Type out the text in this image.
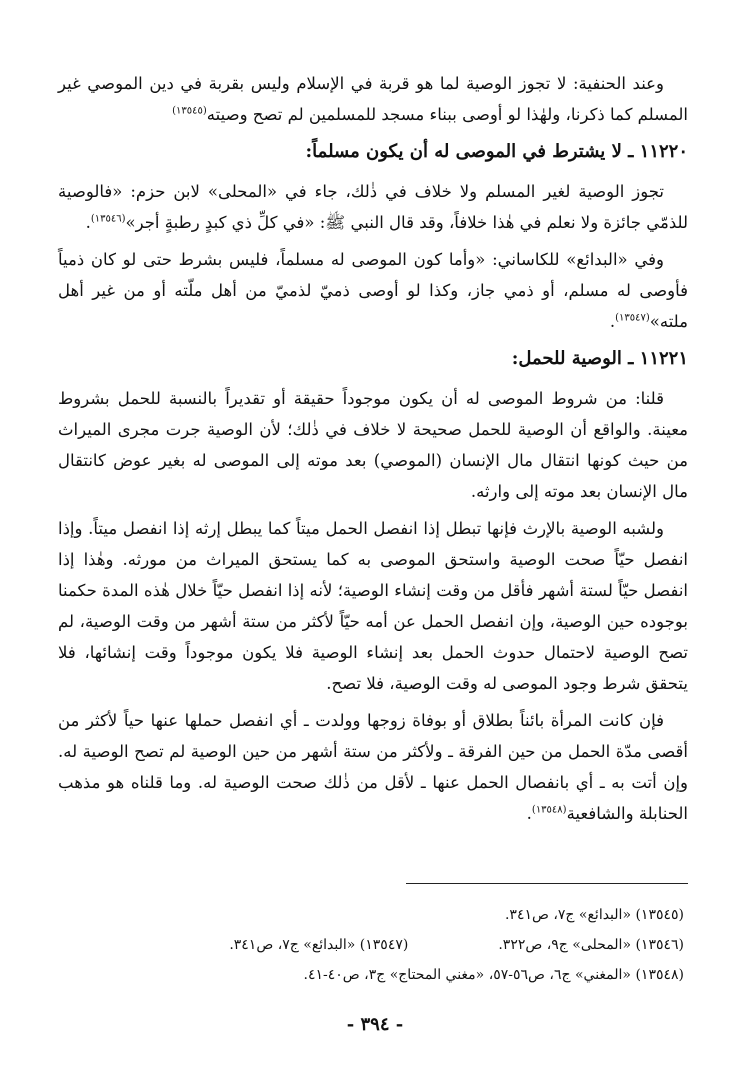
وعند الحنفية: لا تجوز الوصية لما هو قربة في الإسلام وليس بقربة في دين الموصي غير المسلم كما ذكرنا، ولهٰذا لو أوصى ببناء مسجد للمسلمين لم تصح وصيته$^{(١٣٥٤٥)}$

١١٢٢٠ ـ لا يشترط في الموصى له أن يكون مسلماً:

تجوز الوصية لغير المسلم ولا خلاف في ذٰلك، جاء في «المحلى» لابن حزم: «فالوصية للذمّي جائزة ولا نعلم في هٰذا خلافاً، وقد قال النبي ﷺ: «في كلِّ ذي كبدٍ رطبةٍ أجر»$^{(١٣٥٤٦)}$.

وفي «البدائع» للكاساني: «وأما كون الموصى له مسلماً، فليس بشرط حتى لو كان ذمياً فأوصى له مسلم، أو ذمي جاز، وكذا لو أوصى ذميّ لذميّ من أهل ملّته أو من غير أهل ملته»$^{(١٣٥٤٧)}$.

١١٢٢١ ـ الوصية للحمل:

قلنا: من شروط الموصى له أن يكون موجوداً حقيقة أو تقديراً بالنسبة للحمل بشروط معينة. والواقع أن الوصية للحمل صحيحة لا خلاف في ذٰلك؛ لأن الوصية جرت مجرى الميراث من حيث كونها انتقال مال الإنسان (الموصي) بعد موته إلى الموصى له بغير عوض كانتقال مال الإنسان بعد موته إلى وارثه.

ولشبه الوصية بالإرث فإنها تبطل إذا انفصل الحمل ميتاً كما يبطل إرثه إذا انفصل ميتاً. وإذا انفصل حيّاً صحت الوصية واستحق الموصى به كما يستحق الميراث من مورثه. وهٰذا إذا انفصل حيّاً لستة أشهر فأقل من وقت إنشاء الوصية؛ لأنه إذا انفصل حيّاً خلال هٰذه المدة حكمنا بوجوده حين الوصية، وإن انفصل الحمل عن أمه حيّاً لأكثر من ستة أشهر من وقت الوصية، لم تصح الوصية لاحتمال حدوث الحمل بعد إنشاء الوصية فلا يكون موجوداً وقت إنشائها، فلا يتحقق شرط وجود الموصى له وقت الوصية، فلا تصح.

فإن كانت المرأة بائناً بطلاق أو بوفاة زوجها وولدت ـ أي انفصل حملها عنها حياً لأكثر من أقصى مدّة الحمل من حين الفرقة ـ ولأكثر من ستة أشهر من حين الوصية لم تصح الوصية له. وإن أتت به ـ أي بانفصال الحمل عنها ـ لأقل من ذٰلك صحت الوصية له. وما قلناه هو مذهب الحنابلة والشافعية$^{(١٣٥٤٨)}$.

(١٣٥٤٥) «البدائع» ج٧، ص٣٤١.
(١٣٥٤٦) «المحلى» ج٩، ص٣٢٢.
(١٣٥٤٧) «البدائع» ج٧، ص٣٤١.
(١٣٥٤٨) «المغني» ج٦، ص٥٦-٥٧، «مغني المحتاج» ج٣، ص٤٠-٤١.
- ٣٩٤ -
